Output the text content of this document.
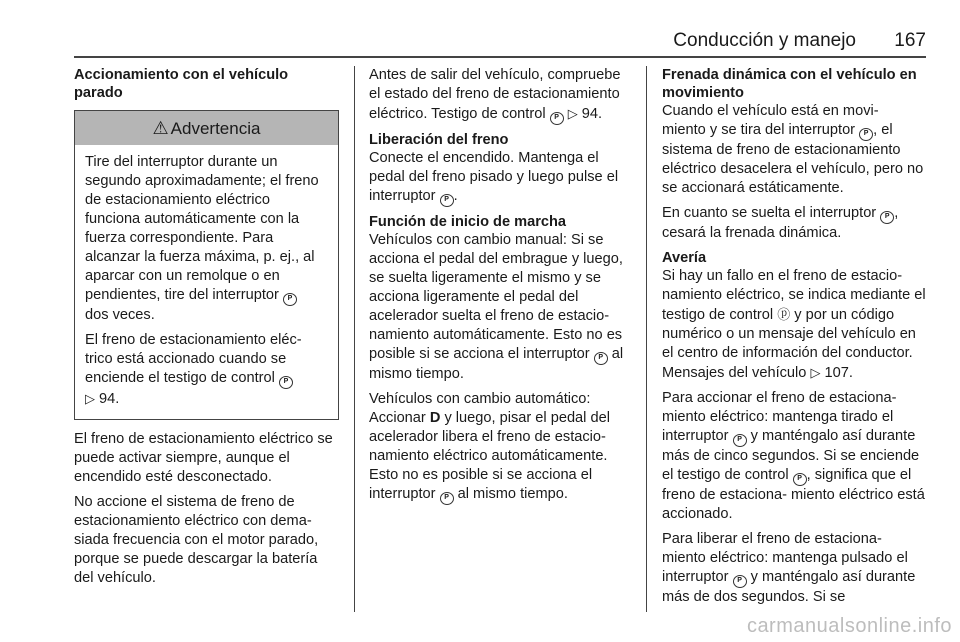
Conducción y manejo 167
Accionamiento con el vehículo parado
⚠ Advertencia

Tire del interruptor durante un segundo aproximadamente; el freno de estacionamiento eléctrico funciona automáticamente con la fuerza correspondiente. Para alcanzar la fuerza máxima, p. ej., al aparcar con un remolque o en pendientes, tire del interruptor P
dos veces.

El freno de estacionamiento eléc‐ trico está accionado cuando se enciende el testigo de control P
▷ 94.

El freno de estacionamiento eléctrico se puede activar siempre, aunque el encendido esté desconectado.

No accione el sistema de freno de estacionamiento eléctrico con dema‐ siada frecuencia con el motor parado, porque se puede descargar la batería del vehículo.

Antes de salir del vehículo, compruebe el estado del freno de estacionamiento eléctrico. Testigo de control P ▷ 94.

Liberación del freno

Conecte el encendido. Mantenga el pedal del freno pisado y luego pulse el interruptor P .

Función de inicio de marcha

Vehículos con cambio manual: Si se acciona el pedal del embrague y luego, se suelta ligeramente el mismo y se acciona ligeramente el pedal del acelerador suelta el freno de estacio‐ namiento automáticamente. Esto no es posible si se acciona el interruptor P al mismo tiempo.

Vehículos con cambio automático: Accionar D y luego, pisar el pedal del acelerador libera el freno de estacio‐ namiento eléctrico automáticamente. Esto no es posible si se acciona el interruptor P al mismo tiempo.

Frenada dinámica con el vehículo en movimiento

Cuando el vehículo está en movi‐ miento y se tira del interruptor P , el sistema de freno de estacionamiento eléctrico desacelera el vehículo, pero no se accionará estáticamente.

En cuanto se suelta el interruptor P , cesará la frenada dinámica.

Avería

Si hay un fallo en el freno de estacio‐ namiento eléctrico, se indica mediante el testigo de control ⓟ y por un código numérico o un mensaje del vehículo en el centro de información del conductor. Mensajes del vehículo ▷ 107.

Para accionar el freno de estaciona‐ miento eléctrico: mantenga tirado el interruptor P y manténgalo así durante más de cinco segundos. Si se enciende el testigo de control P , significa que el freno de estaciona‐ miento eléctrico está accionado.

Para liberar el freno de estaciona‐ miento eléctrico: mantenga pulsado el interruptor P y manténgalo así durante más de dos segundos. Si se

carmanualsonline.info
